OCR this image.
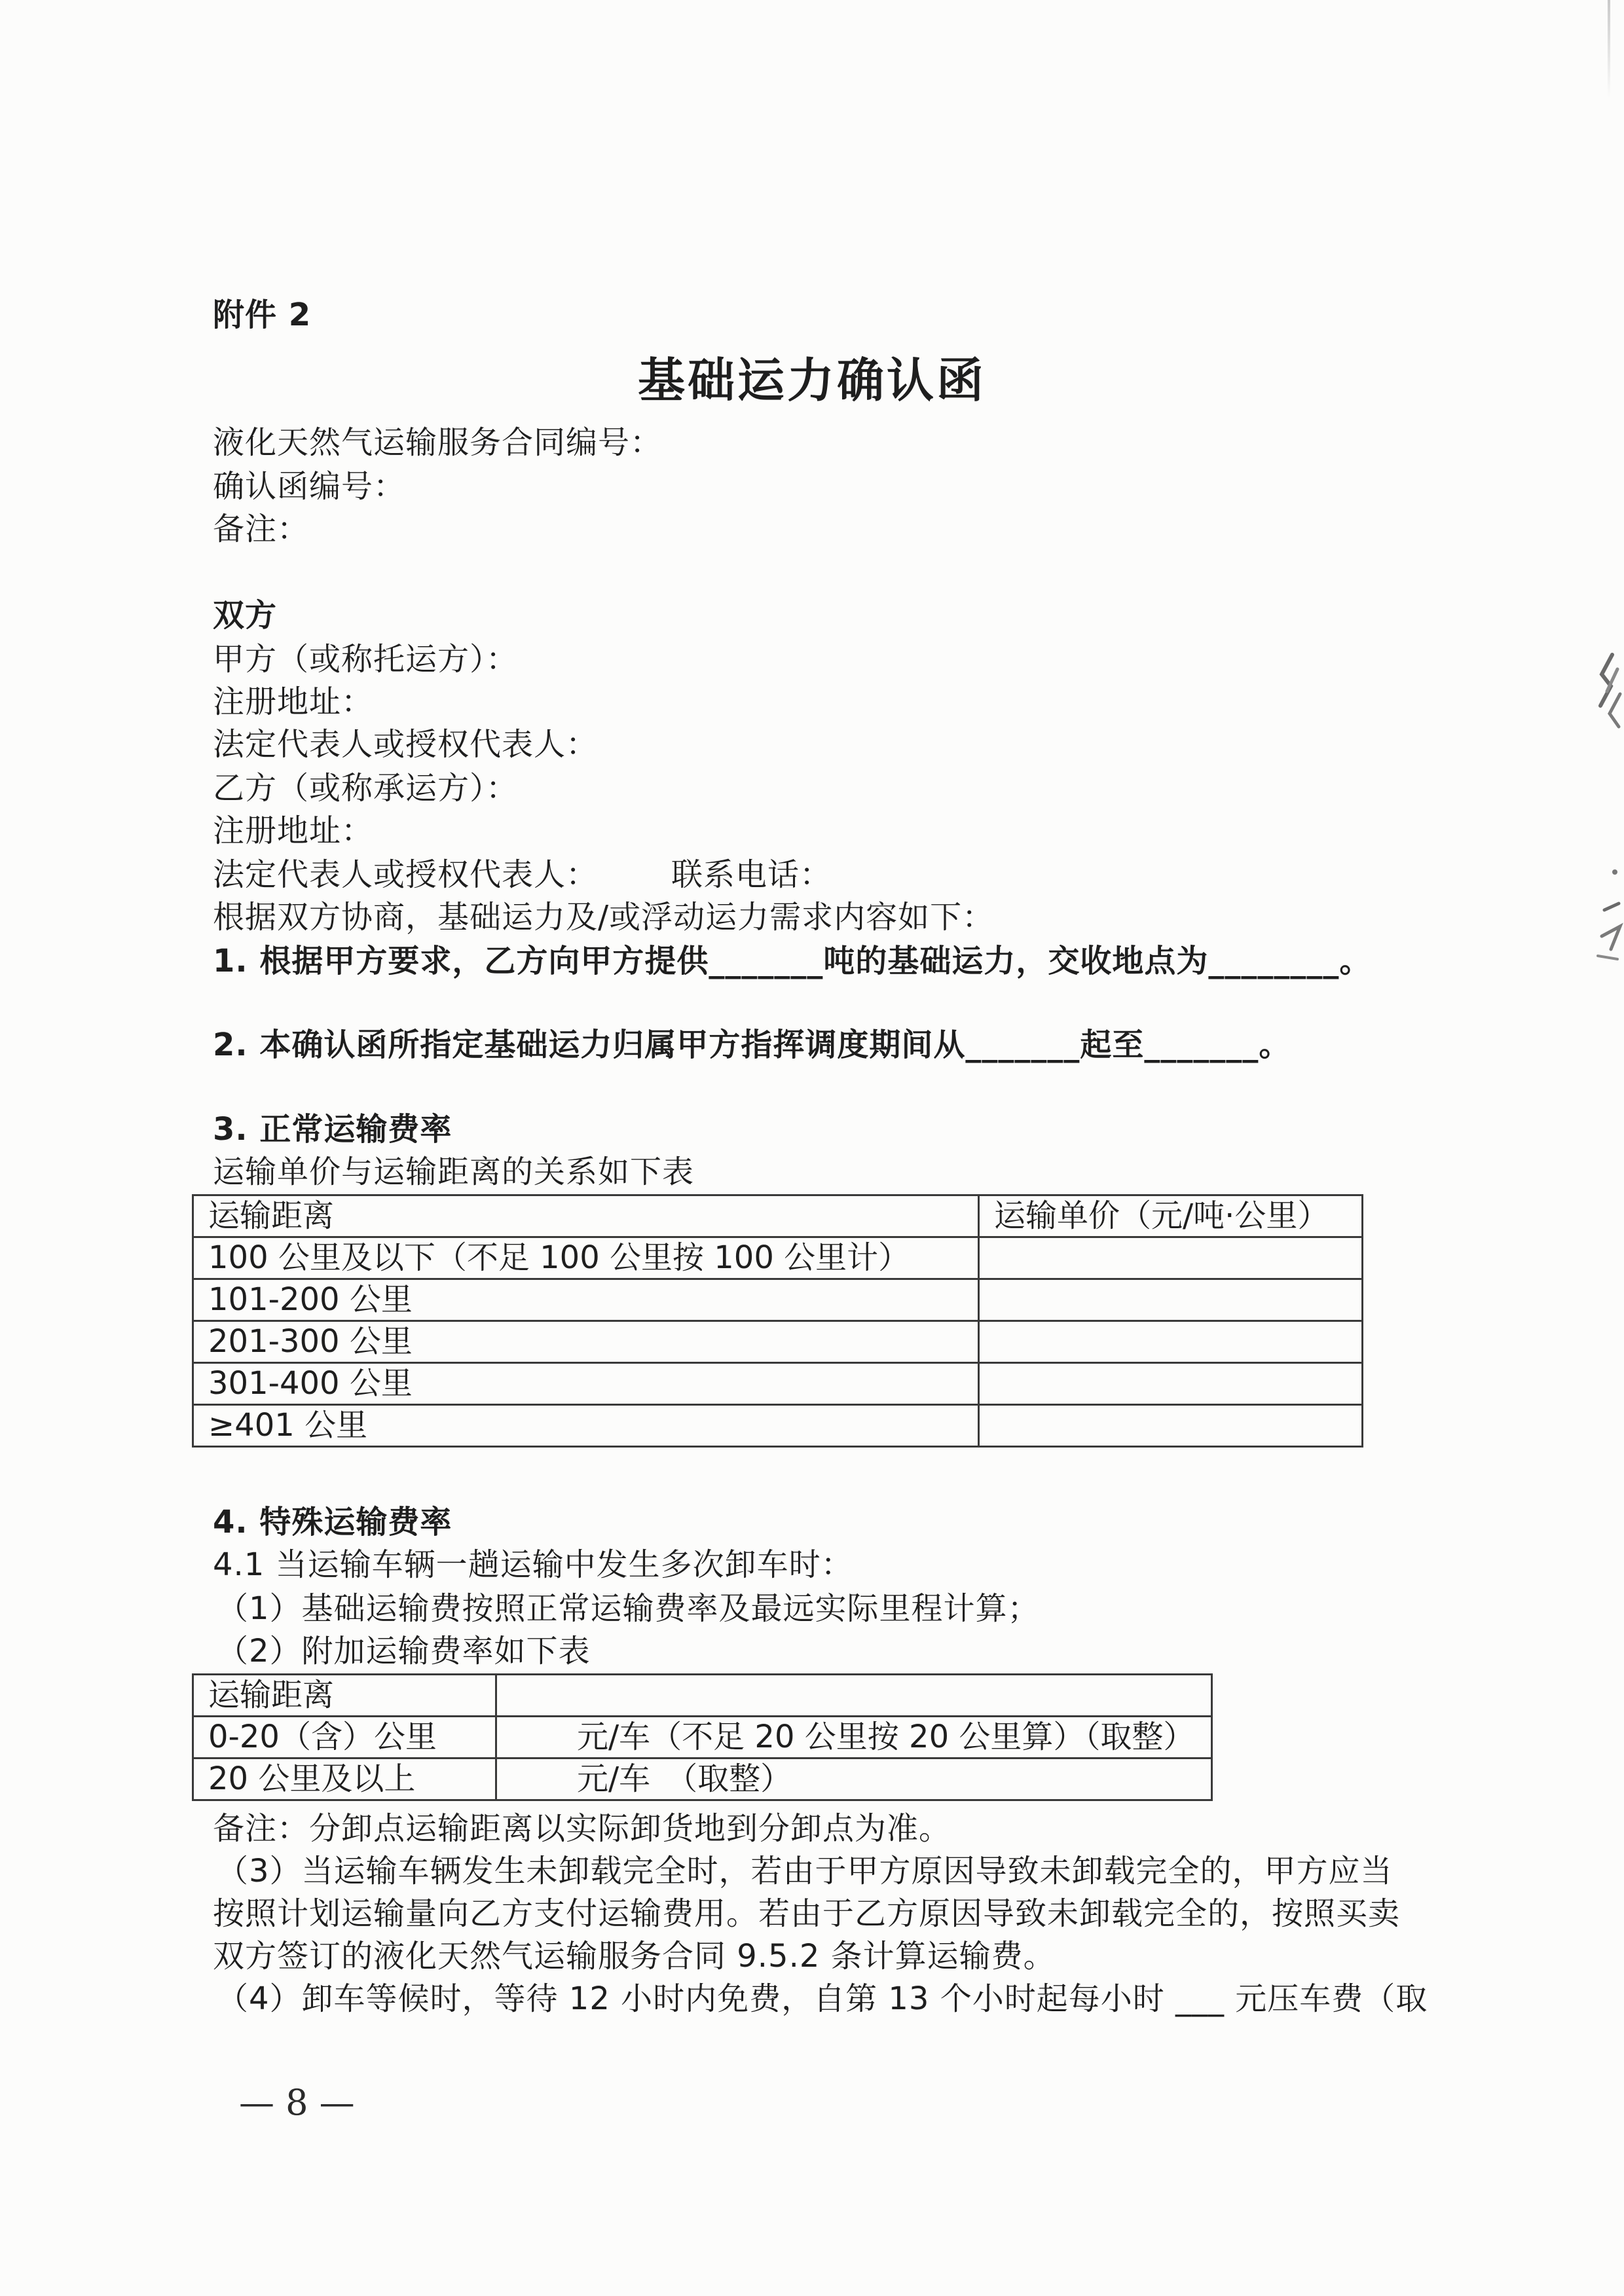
附件 2
基础运力确认函
液化天然气运输服务合同编号：
确认函编号：
备注：
双方
甲方（或称托运方）：
注册地址：
法定代表人或授权代表人：
乙方（或称承运方）：
注册地址：
法定代表人或授权代表人： 联系电话：
根据双方协商，基础运力及/或浮动运力需求内容如下：
1. 根据甲方要求，乙方向甲方提供_______吨的基础运力，交收地点为________。
2. 本确认函所指定基础运力归属甲方指挥调度期间从_______起至_______。
3. 正常运输费率
运输单价与运输距离的关系如下表
运输距离	运输单价（元/吨·公里）
100 公里及以下（不足 100 公里按 100 公里计）	
101-200 公里	
201-300 公里	
301-400 公里	
≥401 公里	
4. 特殊运输费率
4.1 当运输车辆一趟运输中发生多次卸车时：
（1）基础运输费按照正常运输费率及最远实际里程计算；
（2）附加运输费率如下表
运输距离	
0-20（含）公里	元/车（不足 20 公里按 20 公里算）（取整）
20 公里及以上	元/车　（取整）
备注：分卸点运输距离以实际卸货地到分卸点为准。
（3）当运输车辆发生未卸载完全时，若由于甲方原因导致未卸载完全的，甲方应当
按照计划运输量向乙方支付运输费用。若由于乙方原因导致未卸载完全的，按照买卖
双方签订的液化天然气运输服务合同 9.5.2 条计算运输费。
（4）卸车等候时，等待 12 小时内免费，自第 13 个小时起每小时 ___ 元压车费（取
— 8 —
